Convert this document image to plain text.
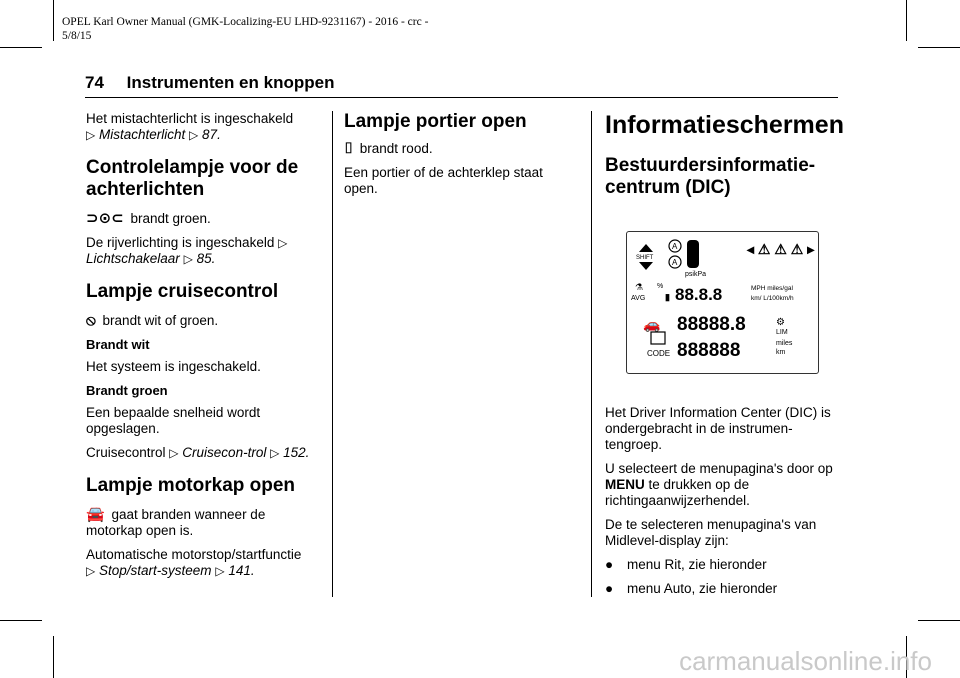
OPEL Karl Owner Manual (GMK-Localizing-EU LHD-9231167) - 2016 - crc -
5/8/15
74 Instrumenten en knoppen

Het mistachterlicht is ingeschakeld
▷ Mistachterlicht ▷ 87.

Controlelampje voor de achterlichten

⊃⊙⊂ brandt groen.

De rijverlichting is ingeschakeld ▷
Lichtschakelaar ▷ 85.

Lampje cruisecontrol

⦸ brandt wit of groen.

Brandt wit

Het systeem is ingeschakeld.

Brandt groen

Een bepaalde snelheid wordt opgeslagen.

Cruisecontrol ▷ Cruisecon-trol ▷ 152.

Lampje motorkap open

🚘 gaat branden wanneer de motorkap open is.

Automatische motorstop/startfunctie
▷ Stop/start-systeem ▷ 141.

Lampje portier open

⌷ brandt rood.

Een portier of de achterklep staat open.

Informatieschermen
Bestuurdersinformatie-centrum (DIC)
SHIFT
A
A
psikPa
◂ ⚠ ⚠ ⚠ ▸
⚗ %
AVG ▮ 88.8.8	MPH miles/gal
km/ L/100km/h
🚗
CODE
88888.8
888888
⚙
LIM
miles
km

Het Driver Information Center (DIC) is ondergebracht in de instrumen-tengroep.

U selecteert de menupagina's door op MENU te drukken op de richtingaanwijzerhendel.

De te selecteren menupagina's van Midlevel-display zijn:

●	menu Rit, zie hieronder
●	menu Auto, zie hieronder
carmanualsonline.info
